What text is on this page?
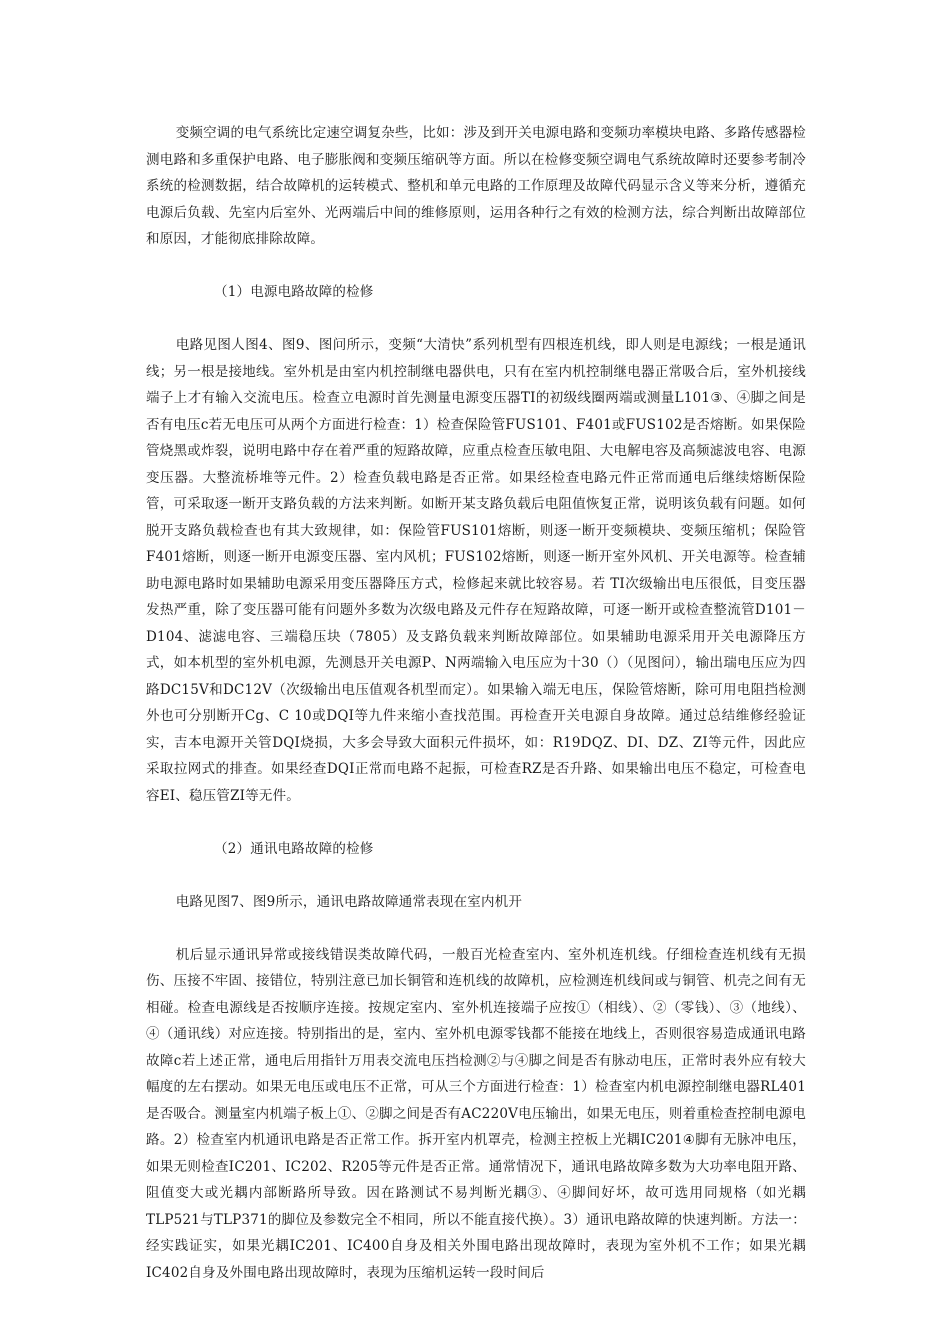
变频空调的电气系统比定速空调复杂些，比如：涉及到开关电源电路和变频功率模块电路、多路传感器检测电路和多重保护电路、电子膨胀阀和变频压缩矾等方面。所以在检修变频空调电气系统故障时还要参考制冷系统的检测数据，结合故障机的运转模式、整机和单元电路的工作原理及故障代码显示含义等来分析，遵循充电源后负载、先室内后室外、光两端后中间的维修原则，运用各种行之有效的检测方法，综合判断出故障部位和原因，才能彻底排除故障。

（1）电源电路故障的检修

电路见图人图4、图9、图问所示，变频“大清快”系列机型有四根连机线，即人则是电源线；一根是通讯线；另一根是接地线。室外机是由室内机控制继电器供电，只有在室内机控制继电器正常吸合后，室外机接线端子上才有输入交流电压。检查立电源时首先测量电源变压器TI的初级线圈两端或测量L101③、④脚之间是否有电压c若无电压可从两个方面进行检查：1）检查保险管FUS101、F401或FUS102是否熔断。如果保险管烧黑或炸裂，说明电路中存在着严重的短路故障，应重点检查压敏电阻、大电解电容及高频滤波电容、电源变压器。大整流桥堆等元件。2）检查负载电路是否正常。如果经检查电路元件正常而通电后继续熔断保险管，可采取逐一断开支路负载的方法来判断。如断开某支路负载后电阻值恢复正常，说明该负载有问题。如何脱开支路负载检查也有其大致规律，如：保险管FUS101熔断，则逐一断开变频模块、变频压缩机；保险管F401熔断，则逐一断开电源变压器、室内风机；FUS102熔断，则逐一断开室外风机、开关电源等。检查辅助电源电路时如果辅助电源采用变压器降压方式，检修起来就比较容易。若 TI次级输出电压很低，目变压器发热严重，除了变压器可能有问题外多数为次级电路及元件存在短路故障，可逐一断开或检查整流管D101－D104、滤滤电容、三端稳压块（7805）及支路负载来判断故障部位。如果辅助电源采用开关电源降压方式，如本机型的室外机电源，先测恳开关电源P、N两端输入电压应为十30（）（见图问），输出瑞电压应为四路DC15V和DC12V（次级输出电压值观各机型而定）。如果输入端无电压，保险管熔断，除可用电阻挡检测外也可分别断开Cg、C 10或DQI等九件来缩小查找范围。再检查开关电源自身故障。通过总结维修经验证实，吉本电源开关管DQI烧损，大多会导致大面积元件损坏，如：R19DQZ、DI、DZ、ZI等元件，因此应采取拉网式的排查。如果经查DQI正常而电路不起振，可检查RZ是否升路、如果输出电压不稳定，可检查电容EI、稳压管ZI等无件。

（2）通讯电路故障的检修

电路见图7、图9所示，通讯电路故障通常表现在室内机开

机后显示通讯异常或接线错误类故障代码，一般百光检查室内、室外机连机线。仔细检查连机线有无损伤、压接不牢固、接错位，特别注意已加长铜管和连机线的故障机，应检测连机线间或与铜管、机壳之间有无相碰。检查电源线是否按顺序连接。按规定室内、室外机连接端子应按①（相线）、②（零钱）、③（地线）、④（通讯线）对应连接。特别指出的是，室内、室外机电源零钱都不能接在地线上，否则很容易造成通讯电路故障c若上述正常，通电后用指针万用表交流电压挡检测②与④脚之间是否有脉动电压，正常时表外应有较大幅度的左右摆动。如果无电压或电压不正常，可从三个方面进行检查：1）检查室内机电源控制继电器RL401是否吸合。测量室内机端子板上①、②脚之间是否有AC220V电压输出，如果无电压，则着重检查控制电源电路。2）检查室内机通讯电路是否正常工作。拆开室内机罩壳，检测主控板上光耦IC201④脚有无脉冲电压，如果无则检查IC201、IC202、R205等元件是否正常。通常情况下，通讯电路故障多数为大功率电阻开路、阻值变大或光耦内部断路所导致。因在路测试不易判断光耦③、④脚间好坏，故可选用同规格（如光耦TLP521与TLP371的脚位及参数完全不相同，所以不能直接代换）。3）通讯电路故障的快速判断。方法一：经实践证实，如果光耦IC201、IC400自身及相关外围电路出现故障时，表现为室外机不工作；如果光耦IC402自身及外围电路出现故障时，表现为压缩机运转一段时间后
